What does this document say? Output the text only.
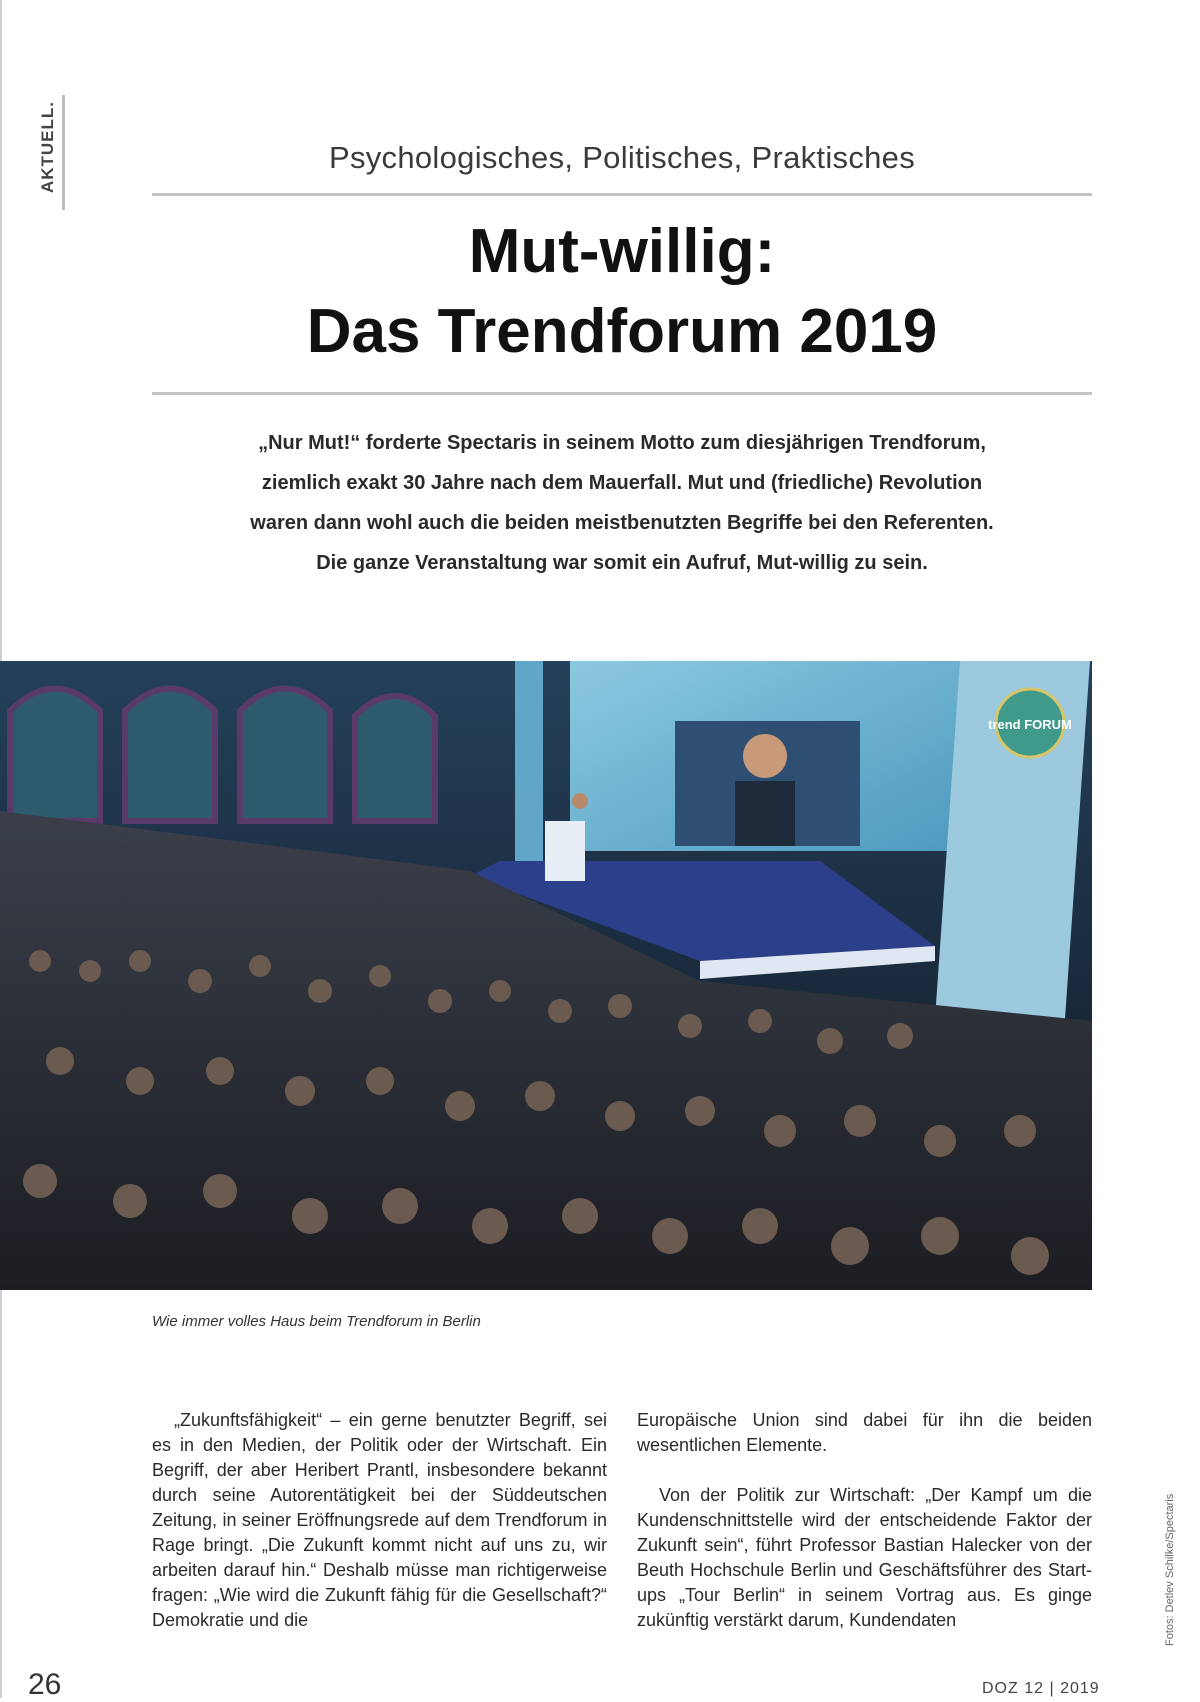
AKTUELL.	Psychologisches, Politisches, Praktisches
Mut-willig:
Das Trendforum 2019
„Nur Mut!“ forderte Spectaris in seinem Motto zum diesjährigen Trendforum,
ziemlich exakt 30 Jahre nach dem Mauerfall. Mut und (friedliche) Revolution
waren dann wohl auch die beiden meistbenutzten Begriffe bei den Referenten.
Die ganze Veranstaltung war somit ein Aufruf, Mut-willig zu sein.
trend FORUM
Wie immer volles Haus beim Trendforum in Berlin

„Zukunftsfähigkeit“ – ein gerne benutzter Begriff, sei es in den Medien, der Politik oder der Wirtschaft. Ein Begriff, der aber Heribert Prantl, insbesondere bekannt durch seine Autorentätigkeit bei der Süddeutschen Zeitung, in seiner Eröffnungsrede auf dem Trendforum in Rage bringt. „Die Zukunft kommt nicht auf uns zu, wir arbeiten darauf hin.“ Deshalb müsse man richtigerweise fragen: „Wie wird die Zukunft fähig für die Gesellschaft?“ Demokratie und die

Europäische Union sind dabei für ihn die beiden wesentlichen Elemente.

Von der Politik zur Wirtschaft: „Der Kampf um die Kundenschnittstelle wird der entscheidende Faktor der Zukunft sein“, führt Professor Bastian Halecker von der Beuth Hochschule Berlin und Geschäftsführer des Start-ups „Tour Berlin“ in seinem Vortrag aus. Es ginge zukünftig verstärkt darum, Kundendaten	Fotos: Detlev Schilke/Spectaris
26	DOZ 12 | 2019
